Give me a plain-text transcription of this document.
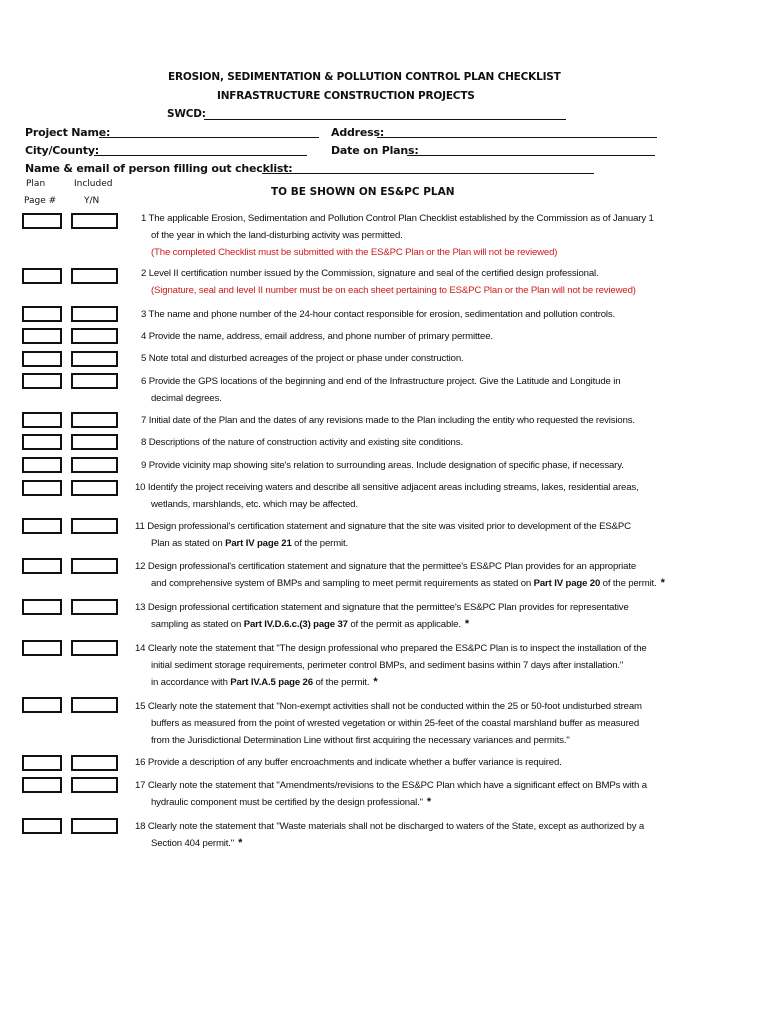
EROSION, SEDIMENTATION & POLLUTION CONTROL PLAN CHECKLIST
INFRASTRUCTURE CONSTRUCTION PROJECTS
SWCD:
Project Name:	Address:
City/County:	Date on Plans:
Name & email of person filling out checklist:
Plan
Page #
Included
Y/N
TO BE SHOWN ON ES&PC PLAN
1 The applicable Erosion, Sedimentation and Pollution Control Plan Checklist established by the Commission as of January 1
of the year in which the land-disturbing activity was permitted.
(The completed Checklist must be submitted with the ES&PC Plan or the Plan will not be reviewed)
2 Level II certification number issued by the Commission, signature and seal of the certified design professional.
(Signature, seal and level II number must be on each sheet pertaining to ES&PC Plan or the Plan will not be reviewed)
3 The name and phone number of the 24-hour contact responsible for erosion, sedimentation and pollution controls.
4 Provide the name, address, email address, and phone number of primary permittee.
5 Note total and disturbed acreages of the project or phase under construction.
6 Provide the GPS locations of the beginning and end of the Infrastructure project. Give the Latitude and Longitude in
decimal degrees.
7 Initial date of the Plan and the dates of any revisions made to the Plan including the entity who requested the revisions.
8 Descriptions of the nature of construction activity and existing site conditions.
9 Provide vicinity map showing site's relation to surrounding areas. Include designation of specific phase, if necessary.
10 Identify the project receiving waters and describe all sensitive adjacent areas including streams, lakes, residential areas,
wetlands, marshlands, etc. which may be affected.
11 Design professional's certification statement and signature that the site was visited prior to development of the ES&PC
Plan as stated on Part IV page 21 of the permit.
12 Design professional's certification statement and signature that the permittee's ES&PC Plan provides for an appropriate
and comprehensive system of BMPs and sampling to meet permit requirements as stated on Part IV page 20 of the permit. *
13 Design professional certification statement and signature that the permittee's ES&PC Plan provides for representative
sampling as stated on Part IV.D.6.c.(3) page 37 of the permit as applicable. *
14 Clearly note the statement that "The design professional who prepared the ES&PC Plan is to inspect the installation of the
initial sediment storage requirements, perimeter control BMPs, and sediment basins within 7 days after installation."
in accordance with Part IV.A.5 page 26 of the permit. *
15 Clearly note the statement that "Non-exempt activities shall not be conducted within the 25 or 50-foot undisturbed stream
buffers as measured from the point of wrested vegetation or within 25-feet of the coastal marshland buffer as measured
from the Jurisdictional Determination Line without first acquiring the necessary variances and permits."
16 Provide a description of any buffer encroachments and indicate whether a buffer variance is required.
17 Clearly note the statement that "Amendments/revisions to the ES&PC Plan which have a significant effect on BMPs with a
hydraulic component must be certified by the design professional." *
18 Clearly note the statement that "Waste materials shall not be discharged to waters of the State, except as authorized by a
Section 404 permit." *
